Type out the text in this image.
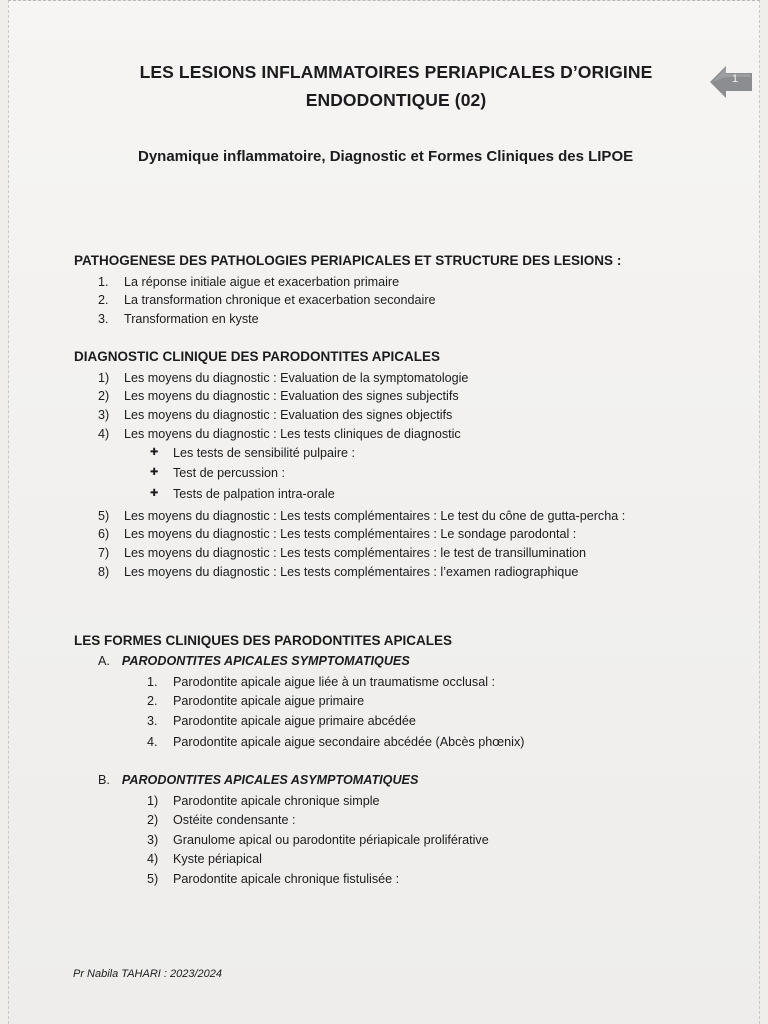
LES LESIONS INFLAMMATOIRES PERIAPICALES D’ORIGINE
ENDODONTIQUE (02)
1
Dynamique inflammatoire, Diagnostic et Formes Cliniques des LIPOE
PATHOGENESE DES PATHOLOGIES PERIAPICALES ET STRUCTURE DES LESIONS :
1.	La réponse initiale aigue et exacerbation primaire
2.	La transformation chronique et exacerbation secondaire
3.	Transformation en kyste
DIAGNOSTIC CLINIQUE DES PARODONTITES APICALES
1)	Les moyens du diagnostic : Evaluation de la symptomatologie
2)	Les moyens du diagnostic : Evaluation des signes subjectifs
3)	Les moyens du diagnostic : Evaluation des signes objectifs
4)	Les moyens du diagnostic : Les tests cliniques de diagnostic
✚	Les tests de sensibilité pulpaire :
✚	Test de percussion :
✚	Tests de palpation intra-orale
5)	Les moyens du diagnostic : Les tests complémentaires : Le test du cône de gutta-percha :
6)	Les moyens du diagnostic : Les tests complémentaires : Le sondage parodontal :
7)	Les moyens du diagnostic : Les tests complémentaires : le test de transillumination
8)	Les moyens du diagnostic : Les tests complémentaires : l’examen radiographique
LES FORMES CLINIQUES DES PARODONTITES APICALES
A. PARODONTITES APICALES SYMPTOMATIQUES
1.	Parodontite apicale aigue liée à un traumatisme occlusal :
2.	Parodontite apicale aigue primaire
3.	Parodontite apicale aigue primaire abcédée
4.	Parodontite apicale aigue secondaire abcédée (Abcès phœnix)
B. PARODONTITES APICALES ASYMPTOMATIQUES
1)	Parodontite apicale chronique simple
2)	Ostéite condensante :
3)	Granulome apical ou parodontite périapicale proliférative
4)	Kyste périapical
5)	Parodontite apicale chronique fistulisée :
Pr Nabila TAHARI : 2023/2024
